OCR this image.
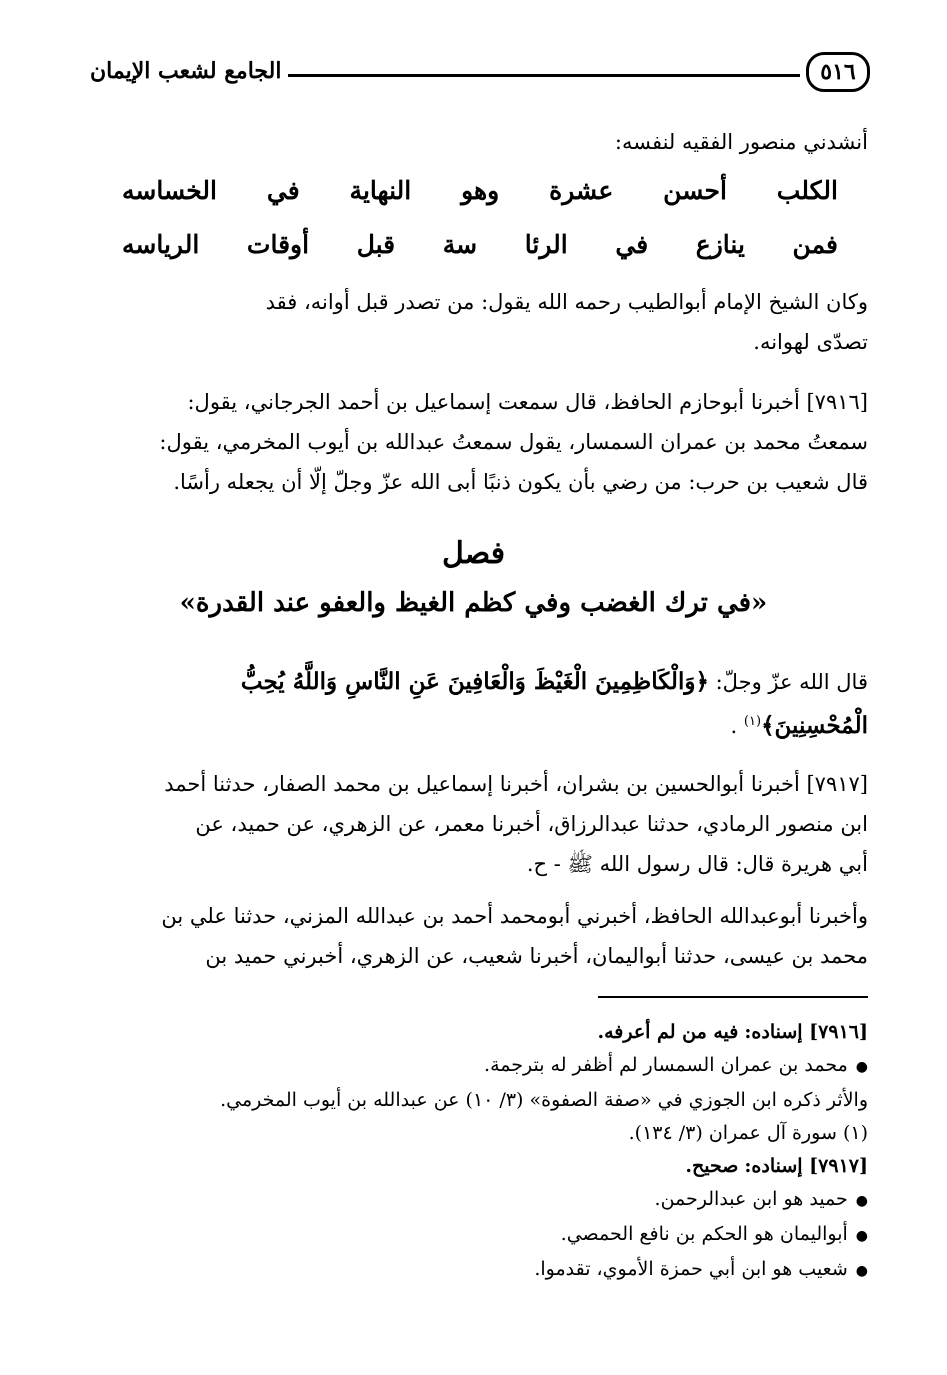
الجامع لشعب الإيمان	٥١٦
أنشدني منصور الفقيه لنفسه:
الكلب أحسن عشرة وهو النهاية في الخساسه
فمن ينازع في الرئا سة قبل أوقات الرياسه
وكان الشيخ الإمام أبوالطيب رحمه الله يقول: من تصدر قبل أوانه، فقد
تصدّى لهوانه.
[٧٩١٦] أخبرنا أبوحازم الحافظ، قال سمعت إسماعيل بن أحمد الجرجاني، يقول:
سمعتُ محمد بن عمران السمسار، يقول سمعتُ عبدالله بن أيوب المخرمي، يقول:
قال شعيب بن حرب: من رضي بأن يكون ذنبًا أبى الله عزّ وجلّ إلّا أن يجعله رأسًا.
فصل
«في ترك الغضب وفي كظم الغيظ والعفو عند القدرة»
قال الله عزّ وجلّ: ﴿وَالْكَاظِمِينَ الْغَيْظَ وَالْعَافِينَ عَنِ النَّاسِ وَاللَّهُ يُحِبُّ
الْمُحْسِنِينَ﴾$^{(١)}$ .
[٧٩١٧] أخبرنا أبوالحسين بن بشران، أخبرنا إسماعيل بن محمد الصفار، حدثنا أحمد
ابن منصور الرمادي، حدثنا عبدالرزاق، أخبرنا معمر، عن الزهري، عن حميد، عن
أبي هريرة قال: قال رسول الله ﷺ - ح.
وأخبرنا أبوعبدالله الحافظ، أخبرني أبومحمد أحمد بن عبدالله المزني، حدثنا علي بن
محمد بن عيسى، حدثنا أبواليمان، أخبرنا شعيب، عن الزهري، أخبرني حميد بن
[٧٩١٦] إسناده: فيه من لم أعرفه.
● محمد بن عمران السمسار لم أظفر له بترجمة.
والأثر ذكره ابن الجوزي في «صفة الصفوة» (٣/ ١٠) عن عبدالله بن أيوب المخرمي.
(١) سورة آل عمران (٣/ ١٣٤).
[٧٩١٧] إسناده: صحيح.
● حميد هو ابن عبدالرحمن.
● أبواليمان هو الحكم بن نافع الحمصي.
● شعيب هو ابن أبي حمزة الأموي، تقدموا.
